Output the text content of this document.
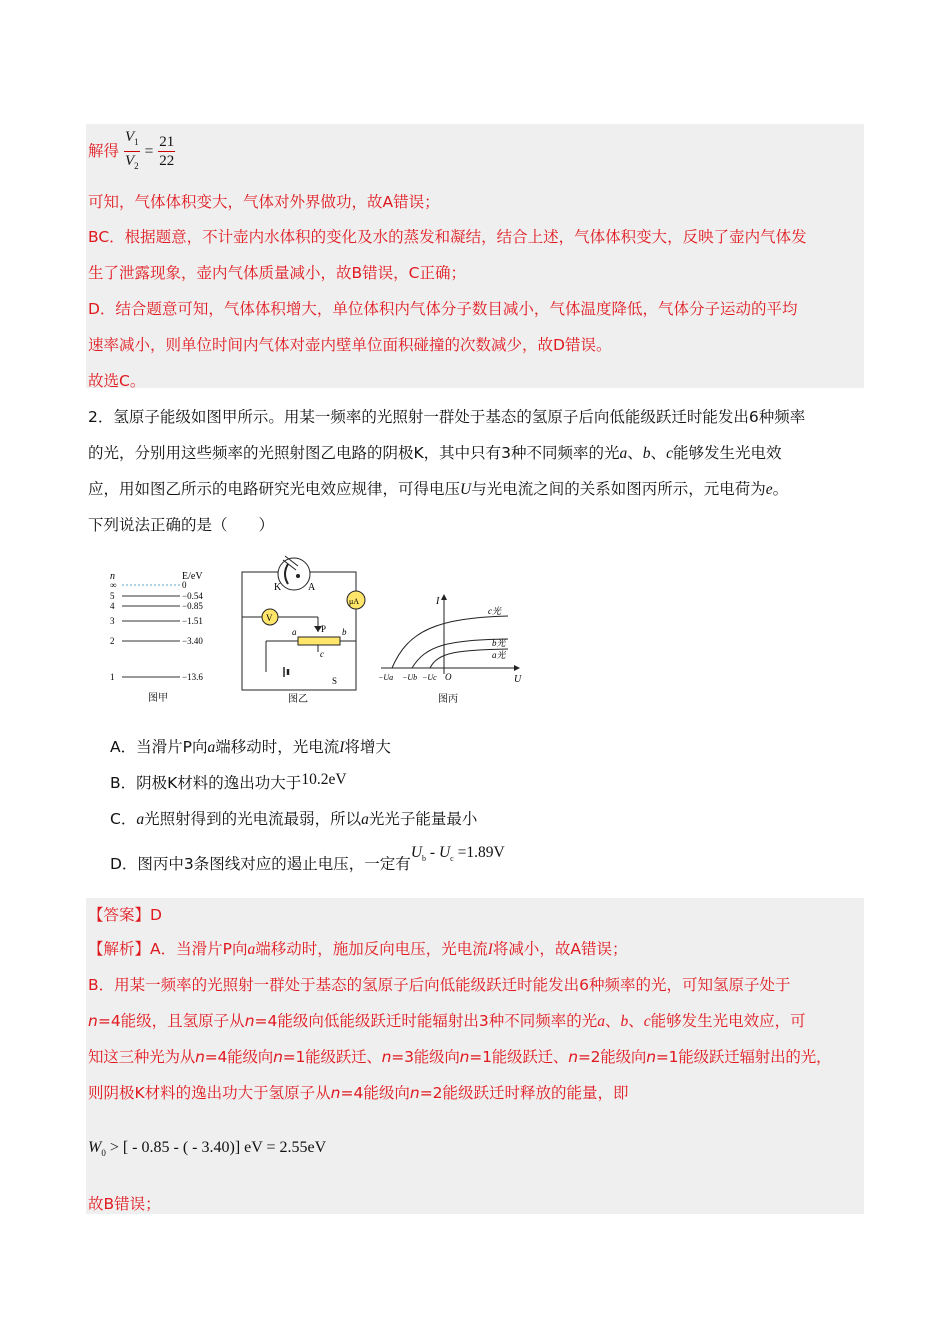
解得 $\frac{V_1}{V_2} = \frac{21}{22}$
可知，气体体积变大，气体对外界做功，故A错误；
BC．根据题意，不计壶内水体积的变化及水的蒸发和凝结，结合上述，气体体积变大，反映了壶内气体发
生了泄露现象，壶内气体质量减小，故B错误，C正确；
D．结合题意可知，气体体积增大，单位体积内气体分子数目减小，气体温度降低，气体分子运动的平均
速率减小，则单位时间内气体对壶内壁单位面积碰撞的次数减少，故D错误。
故选C。
2．氢原子能级如图甲所示。用某一频率的光照射一群处于基态的氢原子后向低能级跃迁时能发出6种频率
的光，分别用这些频率的光照射图乙电路的阴极K，其中只有3种不同频率的光a、b、c能够发生光电效
应，用如图乙所示的电路研究光电效应规律，可得电压U与光电流之间的关系如图丙所示，元电荷为e。
下列说法正确的是（　　）
n	E/eV
∞	0
5	−0.54
4	−0.85
3	−1.51
2	−3.40
1	−13.6
图甲
K	A
V
μA
P
a	b
c
S
图乙
I
U
O
c光
b光
a光
−Ua −Ub −Uc
图丙
A．当滑片P向a端移动时，光电流I将增大
B．阴极K材料的逸出功大于10.2eV
C．a光照射得到的光电流最弱，所以a光光子能量最小
D．图丙中3条图线对应的遏止电压，一定有$U_b - U_c =1.89V$
【答案】D
【解析】A．当滑片P向a端移动时，施加反向电压，光电流I将减小，故A错误；
B．用某一频率的光照射一群处于基态的氢原子后向低能级跃迁时能发出6种频率的光，可知氢原子处于
n=4能级，且氢原子从n=4能级向低能级跃迁时能辐射出3种不同频率的光a、b、c能够发生光电效应，可
知这三种光为从n=4能级向n=1能级跃迁、n=3能级向n=1能级跃迁、n=2能级向n=1能级跃迁辐射出的光，
则阴极K材料的逸出功大于氢原子从n=4能级向n=2能级跃迁时释放的能量，即
$W_0$ > [ - 0.85 - ( - 3.40)] eV = 2.55eV
故B错误；
